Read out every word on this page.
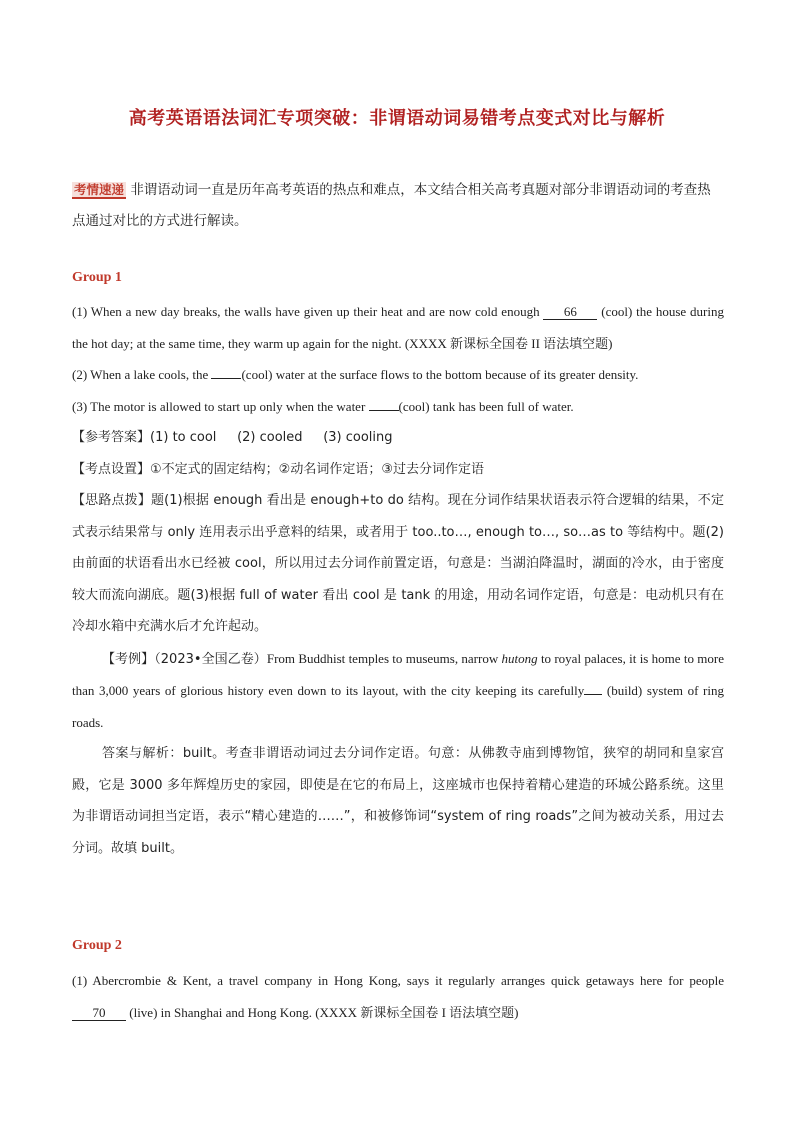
高考英语语法词汇专项突破：非谓语动词易错考点变式对比与解析
考情速递 非谓语动词一直是历年高考英语的热点和难点，本文结合相关高考真题对部分非谓语动词的考查热点通过对比的方式进行解读。
Group 1

(1) When a new day breaks, the walls have given up their heat and are now cold enough 66 (cool) the house during the hot day; at the same time, they warm up again for the night. (XXXX 新课标全国卷 II 语法填空题)

(2) When a lake cools, the (cool) water at the surface flows to the bottom because of its greater density.

(3) The motor is allowed to start up only when the water (cool) tank has been full of water.

【参考答案】(1) to cool     (2) cooled     (3) cooling

【考点设置】①不定式的固定结构；②动名词作定语；③过去分词作定语

【思路点拨】题(1)根据 enough 看出是 enough+to do 结构。现在分词作结果状语表示符合逻辑的结果，不定式表示结果常与 only 连用表示出乎意料的结果，或者用于 too..to…, enough to…, so…as to 等结构中。题(2)由前面的状语看出水已经被 cool，所以用过去分词作前置定语，句意是：当湖泊降温时，湖面的冷水，由于密度较大而流向湖底。题(3)根据 full of water 看出 cool 是 tank 的用途，用动名词作定语，句意是：电动机只有在冷却水箱中充满水后才允许起动。

【考例】（2023•全国乙卷）From Buddhist temples to museums, narrow hutong to royal palaces, it is home to more than 3,000 years of glorious history even down to its layout, with the city keeping its carefully (build) system of ring roads.

答案与解析：built。考查非谓语动词过去分词作定语。句意：从佛教寺庙到博物馆，狭窄的胡同和皇家宫殿，它是 3000 多年辉煌历史的家园，即使是在它的布局上，这座城市也保持着精心建造的环城公路系统。这里为非谓语动词担当定语，表示“精心建造的……”，和被修饰词“system of ring roads”之间为被动关系，用过去分词。故填 built。

Group 2

(1) Abercrombie & Kent, a travel company in Hong Kong, says it regularly arranges quick getaways here for people 70 (live) in Shanghai and Hong Kong. (XXXX 新课标全国卷 I 语法填空题)
